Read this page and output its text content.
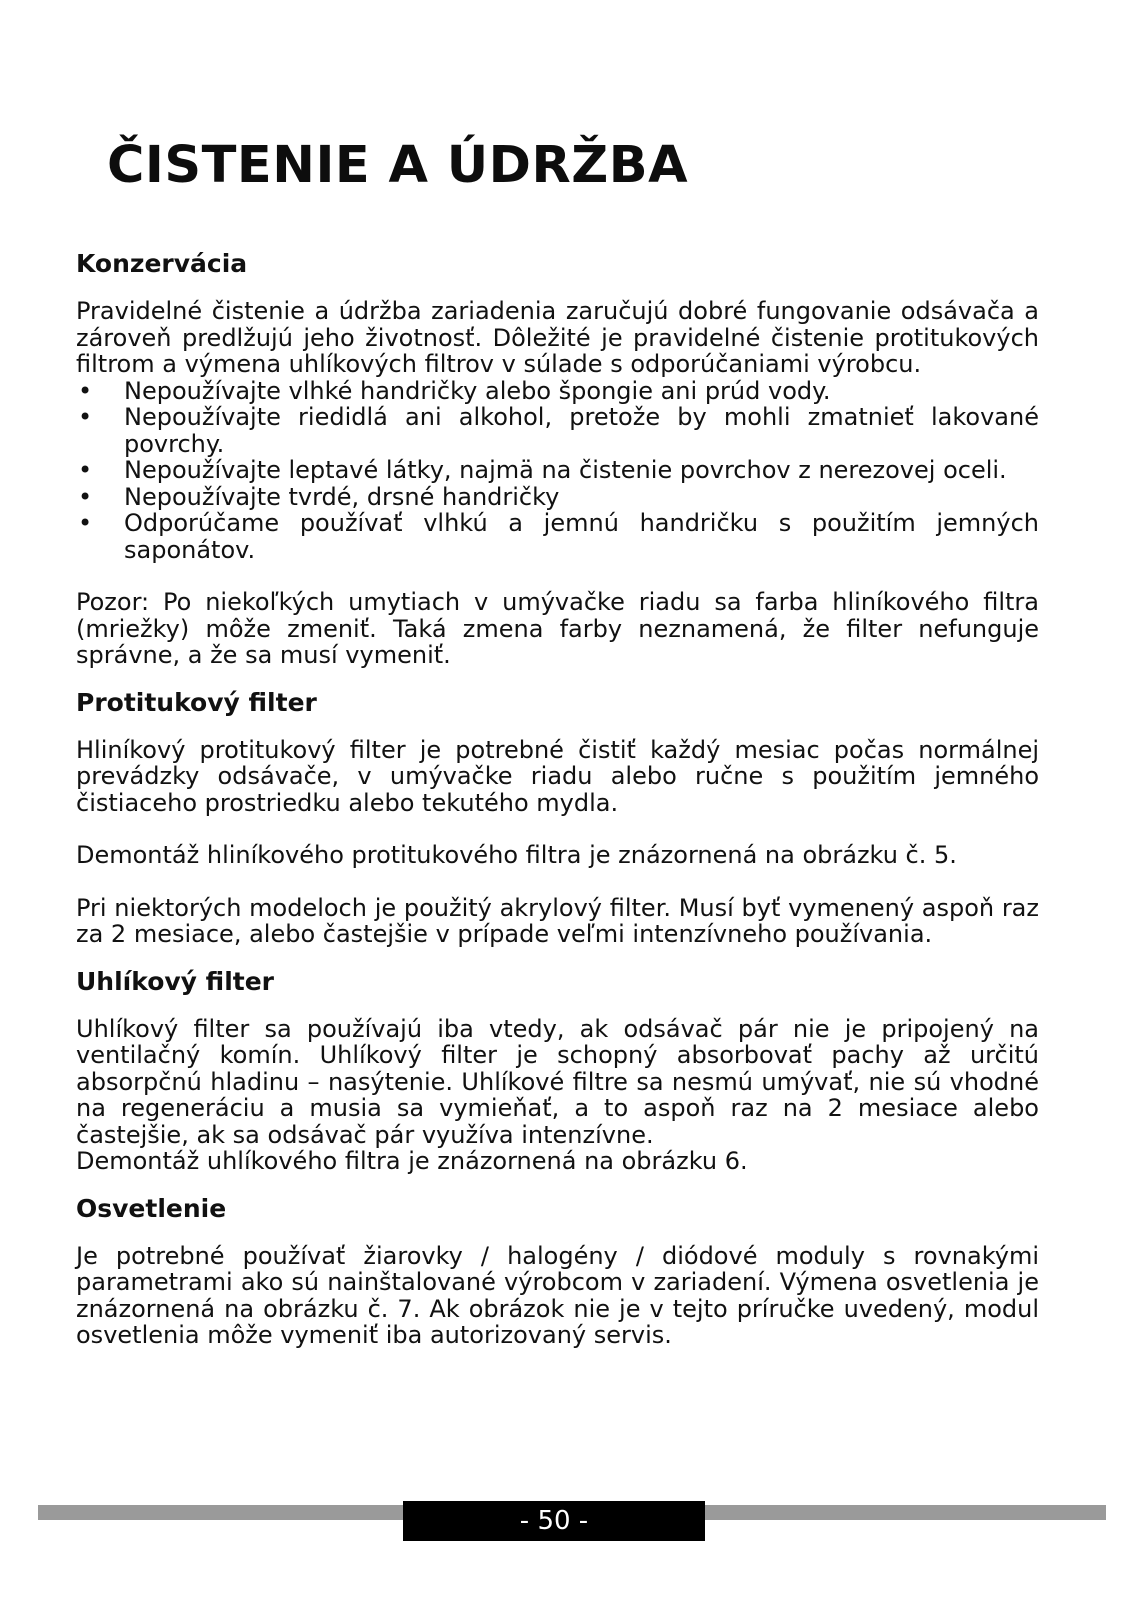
ČISTENIE A ÚDRŽBA
Konzervácia

Pravidelné čistenie a údržba zariadenia zaručujú dobré fungovanie odsávača a zároveň predlžujú jeho životnosť. Dôležité je pravidelné čistenie protitukových filtrom a výmena uhlíkových filtrov v súlade s odporúčaniami výrobcu.

• Nepoužívajte vlhké handričky alebo špongie ani prúd vody.
• Nepoužívajte riedidlá ani alkohol, pretože by mohli zmatnieť lakované povrchy.
• Nepoužívajte leptavé látky, najmä na čistenie povrchov z nerezovej oceli.
• Nepoužívajte tvrdé, drsné handričky
• Odporúčame používať vlhkú a jemnú handričku s použitím jemných saponátov.

Pozor: Po niekoľkých umytiach v umývačke riadu sa farba hliníkového filtra (mriežky) môže zmeniť. Taká zmena farby neznamená, že filter nefunguje správne, a že sa musí vymeniť.

Protitukový filter

Hliníkový protitukový filter je potrebné čistiť každý mesiac počas normálnej prevádzky odsávače, v umývačke riadu alebo ručne s použitím jemného čistiaceho prostriedku alebo tekutého mydla.

Demontáž hliníkového protitukového filtra je znázornená na obrázku č. 5.

Pri niektorých modeloch je použitý akrylový filter. Musí byť vymenený aspoň raz za 2 mesiace, alebo častejšie v prípade veľmi intenzívneho používania.

Uhlíkový filter

Uhlíkový filter sa používajú iba vtedy, ak odsávač pár nie je pripojený na ventilačný komín. Uhlíkový filter je schopný absorbovať pachy až určitú absorpčnú hladinu – nasýtenie. Uhlíkové filtre sa nesmú umývať, nie sú vhodné na regeneráciu a musia sa vymieňať, a to aspoň raz na 2 mesiace alebo častejšie, ak sa odsávač pár využíva intenzívne.

Demontáž uhlíkového filtra je znázornená na obrázku 6.

Osvetlenie

Je potrebné používať žiarovky / halogény / diódové moduly s rovnakými parametrami ako sú nainštalované výrobcom v zariadení. Výmena osvetlenia je znázornená na obrázku č. 7. Ak obrázok nie je v tejto príručke uvedený, modul osvetlenia môže vymeniť iba autorizovaný servis.

- 50 -
